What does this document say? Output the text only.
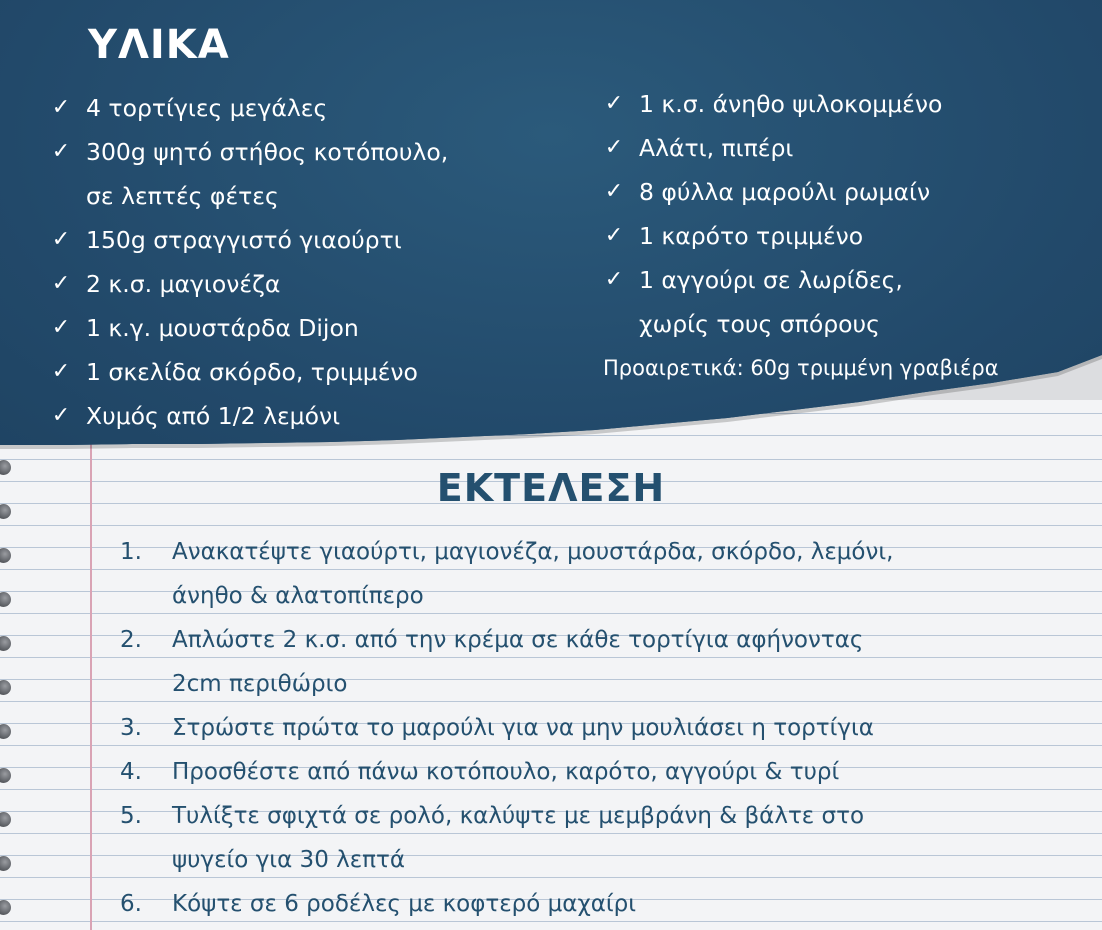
ΥΛΙΚΑ
✓ 4 τορτίγιες μεγάλες
✓ 300g ψητό στήθος κοτόπουλο,
σε λεπτές φέτες
✓ 150g στραγγιστό γιαούρτι
✓ 2 κ.σ. μαγιονέζα
✓ 1 κ.γ. μουστάρδα Dijon
✓ 1 σκελίδα σκόρδο, τριμμένο
✓ Χυμός από 1/2 λεμόνι
✓ 1 κ.σ. άνηθο ψιλοκομμένο
✓ Αλάτι, πιπέρι
✓ 8 φύλλα μαρούλι ρωμαίν
✓ 1 καρότο τριμμένο
✓ 1 αγγούρι σε λωρίδες,
χωρίς τους σπόρους

Προαιρετικά: 60g τριμμένη γραβιέρα

ΕΚΤΕΛΕΣΗ
1. Ανακατέψτε γιαούρτι, μαγιονέζα, μουστάρδα, σκόρδο, λεμόνι,
άνηθο & αλατοπίπερο
2. Απλώστε 2 κ.σ. από την κρέμα σε κάθε τορτίγια αφήνοντας
2cm περιθώριο
3. Στρώστε πρώτα το μαρούλι για να μην μουλιάσει η τορτίγια
4. Προσθέστε από πάνω κοτόπουλο, καρότο, αγγούρι & τυρί
5. Τυλίξτε σφιχτά σε ρολό, καλύψτε με μεμβράνη & βάλτε στο
ψυγείο για 30 λεπτά
6. Κόψτε σε 6 ροδέλες με κοφτερό μαχαίρι
